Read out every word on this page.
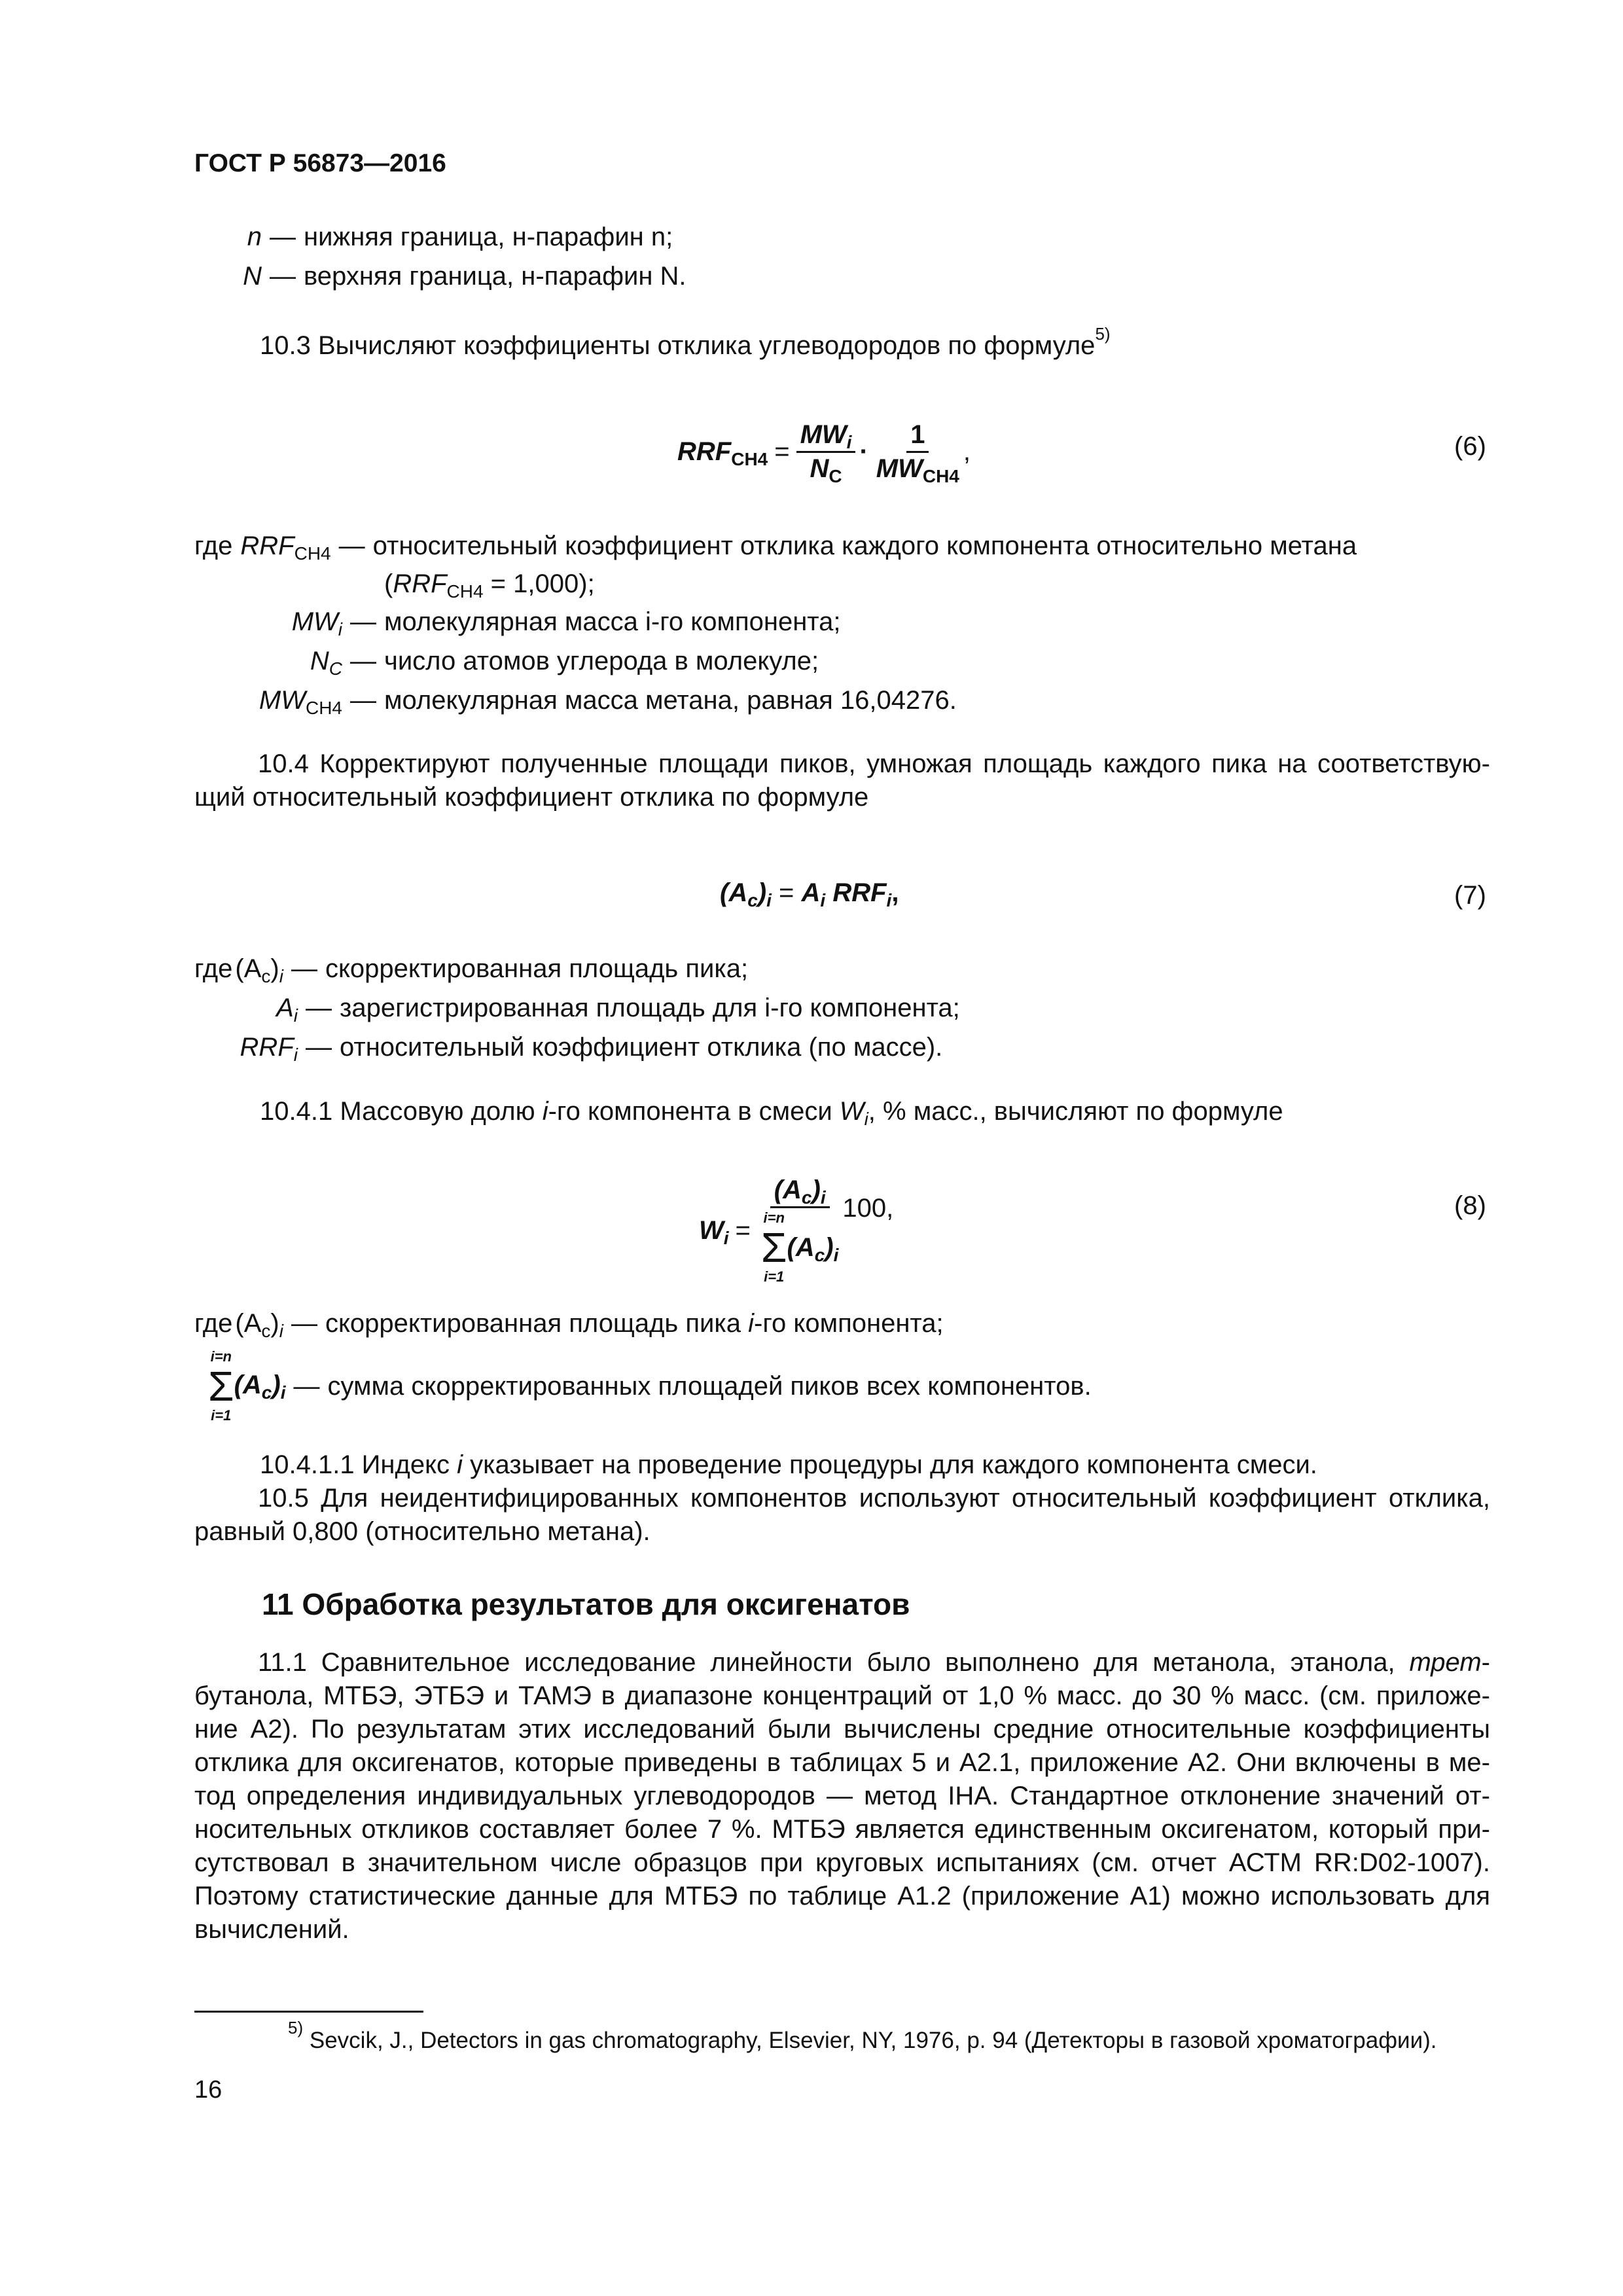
ГОСТ Р 56873—2016
n — нижняя граница, н-парафин n;
N — верхняя граница, н-парафин N.
10.3 Вычисляют коэффициенты отклика углеводородов по формуле$^{5)}$
$RRF_{CH4} = \frac{MW_i}{N_C} \cdot \frac{1}{MW_{CH4}}$ ,	(6)
где $RRF_{CH4}$ — относительный коэффициент отклика каждого компонента относительно метана
$(RRF_{CH4} = 1,000)$;
$MW_i$ — молекулярная масса i-го компонента;
$N_C$ — число атомов углерода в молекуле;
$MW_{CH4}$ — молекулярная масса метана, равная 16,04276.
10.4 Корректируют полученные площади пиков, умножая площадь каждого пика на соответствую-
щий относительный коэффициент отклика по формуле
$(A_c)_i = A_i$ $RRF_i$,	(7)
где $(A_c)_i$ — скорректированная площадь пика;
$A_i$ — зарегистрированная площадь для i-го компонента;
$RRF_i$ — относительный коэффициент отклика (по массе).
10.4.1 Массовую долю i-го компонента в смеси $W_i$, % масс., вычисляют по формуле
$W_i = (A_c)_i$
i=n
Σ
i=1
$(A_c)_i$ 100,	(8)
где $(A_c)_i$ — скорректированная площадь пика i-го компонента;
i=n
Σ
i=1
$(A_c)_i$ — сумма скорректированных площадей пиков всех компонентов.
10.4.1.1 Индекс i указывает на проведение процедуры для каждого компонента смеси.
10.5 Для неидентифицированных компонентов используют относительный коэффициент отклика,
равный 0,800 (относительно метана).
11 Обработка результатов для оксигенатов
11.1 Сравнительное исследование линейности было выполнено для метанола, этанола, трет-
бутанола, МТБЭ, ЭТБЭ и ТАМЭ в диапазоне концентраций от 1,0 % масс. до 30 % масс. (см. приложе-
ние А2). По результатам этих исследований были вычислены средние относительные коэффициенты
отклика для оксигенатов, которые приведены в таблицах 5 и А2.1, приложение А2. Они включены в ме-
тод определения индивидуальных углеводородов — метод IHA. Стандартное отклонение значений от-
носительных откликов составляет более 7 %. МТБЭ является единственным оксигенатом, который при-
сутствовал в значительном числе образцов при круговых испытаниях (см. отчет АСТМ RR:D02-1007).
Поэтому статистические данные для МТБЭ по таблице А1.2 (приложение А1) можно использовать для
вычислений.
$^{5)}$ Sevcik, J., Detectors in gas chromatography, Elsevier, NY, 1976, p. 94 (Детекторы в газовой хроматографии).
16
